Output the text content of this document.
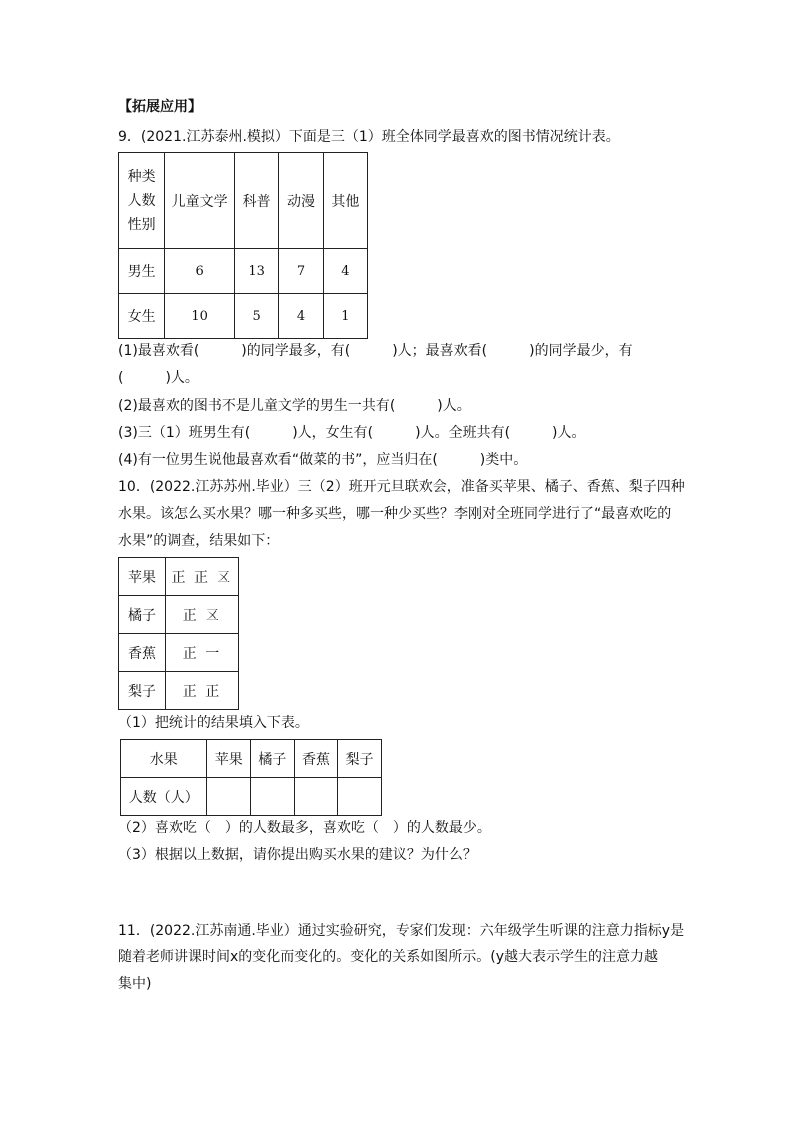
【拓展应用】
9．(2021.江苏泰州.模拟）下面是三（1）班全体同学最喜欢的图书情况统计表。
种类
人数
性别	儿童文学	科普	动漫	其他
男生	6	13	7	4
女生	10	5	4	1
(1)最喜欢看(　　　)的同学最多，有(　　　)人；最喜欢看(　　　)的同学最少，有
(　　　)人。
(2)最喜欢的图书不是儿童文学的男生一共有(　　　)人。
(3)三（1）班男生有(　　　)人，女生有(　　　)人。全班共有(　　　)人。
(4)有一位男生说他最喜欢看“做菜的书”，应当归在(　　　)类中。
10．(2022.江苏苏州.毕业）三（2）班开元旦联欢会，准备买苹果、橘子、香蕉、梨子四种
水果。该怎么买水果？哪一种多买些，哪一种少买些？李刚对全班同学进行了“最喜欢吃的
水果”的调查，结果如下：
苹果	正 正 𠄡
橘子	正 𠄡
香蕉	正 一
梨子	正 正
（1）把统计的结果填入下表。
水果	苹果	橘子	香蕉	梨子
人数（人）				
（2）喜欢吃（　）的人数最多，喜欢吃（　）的人数最少。
（3）根据以上数据，请你提出购买水果的建议？为什么？
11．(2022.江苏南通.毕业）通过实验研究，专家们发现：六年级学生听课的注意力指标y是
随着老师讲课时间x的变化而变化的。变化的关系如图所示。(y越大表示学生的注意力越
集中)
